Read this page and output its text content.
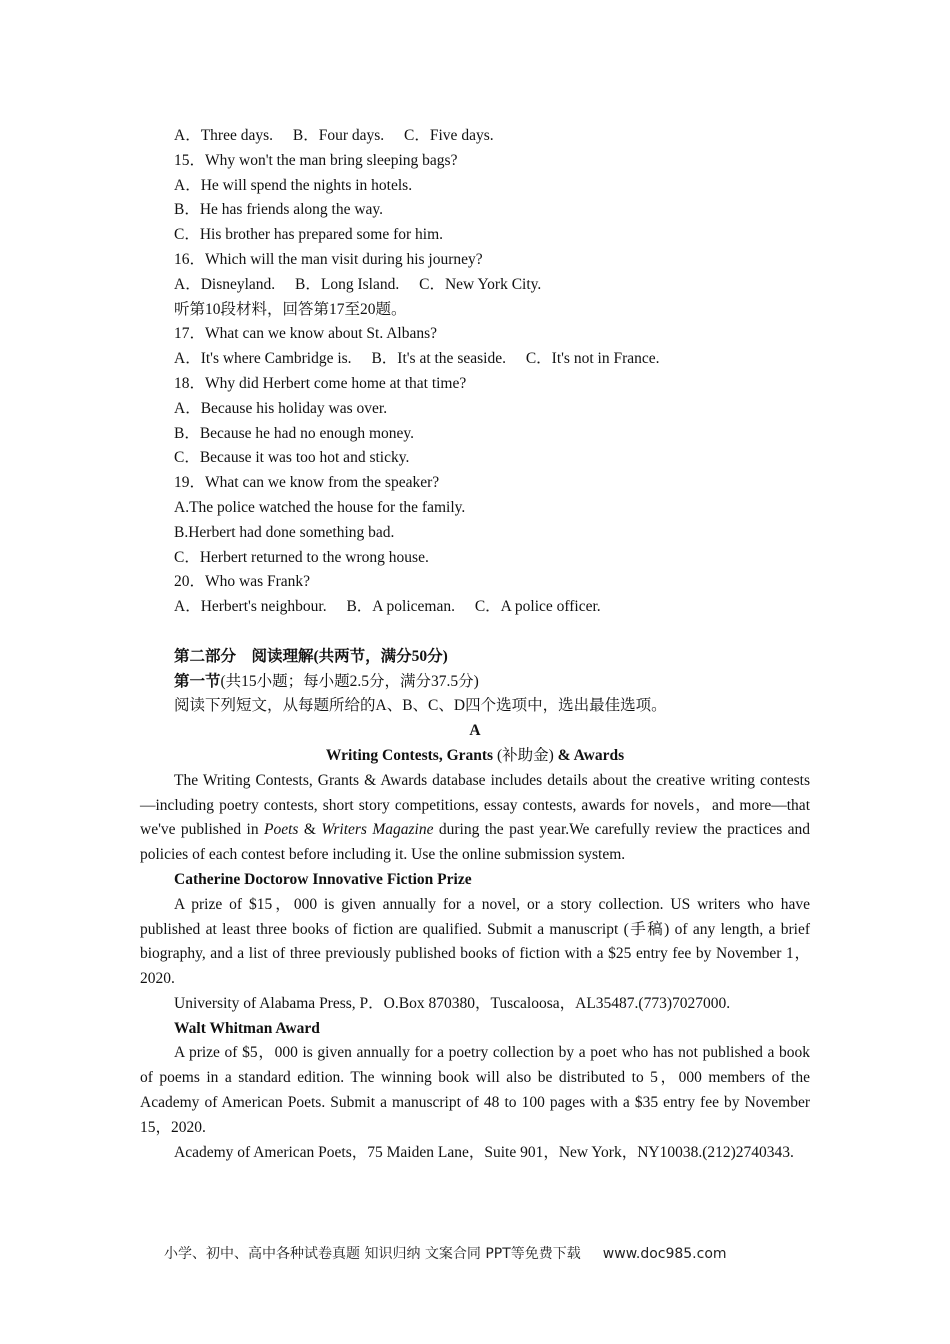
A．Three days. B．Four days. C．Five days.
15．Why won't the man bring sleeping bags?
A．He will spend the nights in hotels.
B．He has friends along the way.
C．His brother has prepared some for him.
16．Which will the man visit during his journey?
A．Disneyland. B．Long Island. C．New York City.
听第10段材料，回答第17至20题。
17．What can we know about St. Albans?
A．It's where Cambridge is. B．It's at the seaside. C．It's not in France.
18．Why did Herbert come home at that time?
A．Because his holiday was over.
B．Because he had no enough money.
C．Because it was too hot and sticky.
19．What can we know from the speaker?
A.The police watched the house for the family.
B.Herbert had done something bad.
C．Herbert returned to the wrong house.
20．Who was Frank?
A．Herbert's neighbour. B．A policeman. C．A police officer.
第二部分　阅读理解(共两节，满分50分)
第一节(共15小题；每小题2.5分，满分37.5分)
阅读下列短文，从每题所给的A、B、C、D四个选项中，选出最佳选项。
A
Writing Contests, Grants (补助金) & Awards
The Writing Contests, Grants & Awards database includes details about the creative writing contests—including poetry contests, short story competitions, essay contests, awards for novels，and more—that we've published in Poets & Writers Magazine during the past year.We carefully review the practices and policies of each contest before including it. Use the online submission system.
Catherine Doctorow Innovative Fiction Prize
A prize of $15，000 is given annually for a novel, or a story collection. US writers who have published at least three books of fiction are qualified. Submit a manuscript (手稿) of any length, a brief biography, and a list of three previously published books of fiction with a $25 entry fee by November 1，2020.
University of Alabama Press, P．O.Box 870380，Tuscaloosa，AL35487.(773)7027000.
Walt Whitman Award
A prize of $5，000 is given annually for a poetry collection by a poet who has not published a book of poems in a standard edition. The winning book will also be distributed to 5，000 members of the Academy of American Poets. Submit a manuscript of 48 to 100 pages with a $35 entry fee by November 15，2020.
Academy of American Poets，75 Maiden Lane，Suite 901，New York，NY10038.(212)2740343.
小学、初中、高中各种试卷真题 知识归纳 文案合同 PPT等免费下载 www.doc985.com
